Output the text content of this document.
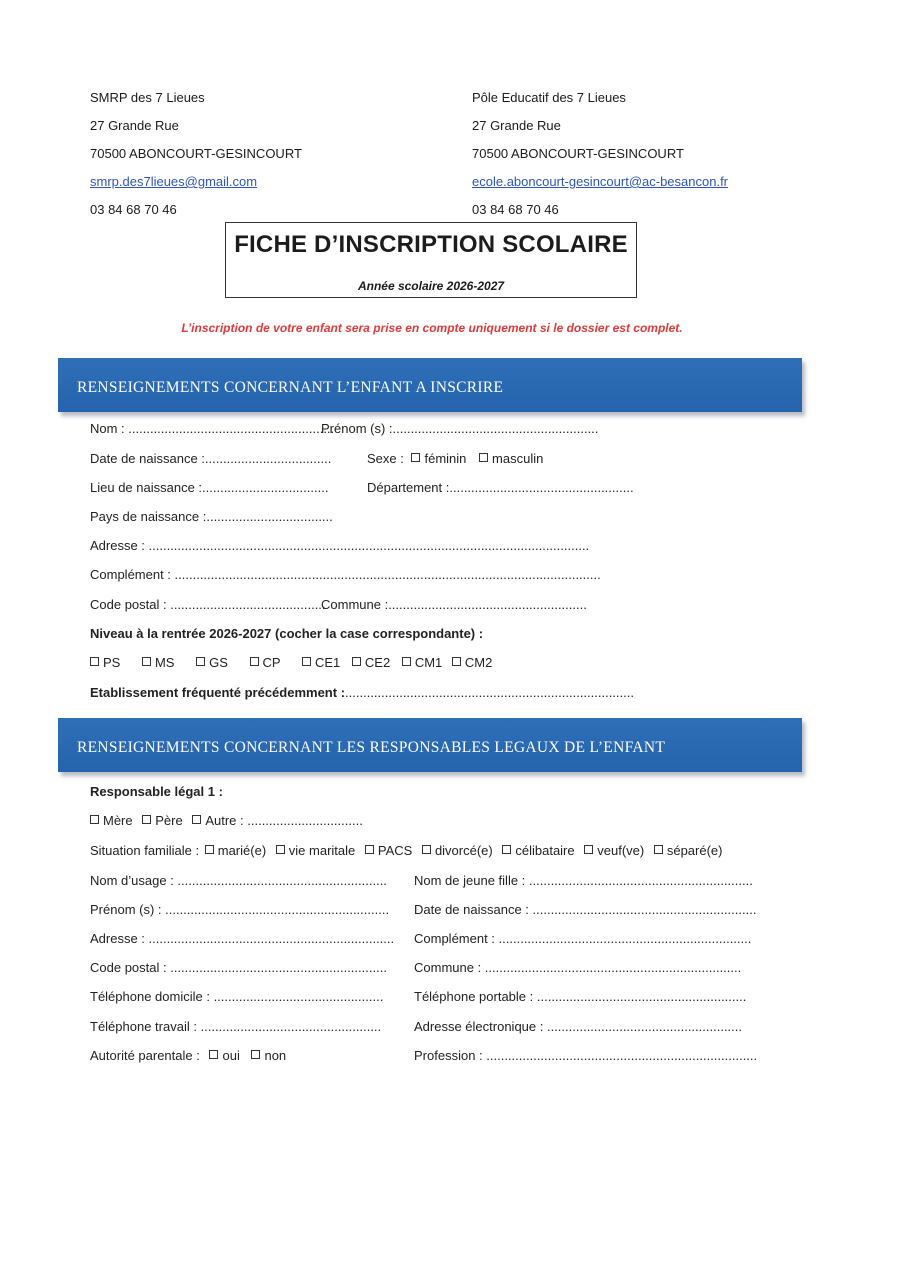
SMRP des 7 Lieues
27 Grande Rue
70500 ABONCOURT-GESINCOURT
smrp.des7lieues@gmail.com
03 84 68 70 46
Pôle Educatif des 7 Lieues
27 Grande Rue
70500 ABONCOURT-GESINCOURT
ecole.aboncourt-gesincourt@ac-besancon.fr
03 84 68 70 46
FICHE D’INSCRIPTION SCOLAIRE
Année scolaire 2026-2027
L’inscription de votre enfant sera prise en compte uniquement si le dossier est complet.
RENSEIGNEMENTS CONCERNANT L’ENFANT A INSCRIRE
Nom : .........................................................
Prénom (s) :.........................................................
Date de naissance :...................................	Sexe : féminin masculin
Lieu de naissance :...................................	Département :...................................................
Pays de naissance :...................................
Adresse : ..........................................................................................................................
Complément : ......................................................................................................................
Code postal : ...........................................
Commune :.......................................................
Niveau à la rentrée 2026-2027 (cocher la case correspondante) :
PS	MS	GS	CP	CE1 CE2 CM1 CM2
Etablissement fréquenté précédemment :................................................................................
RENSEIGNEMENTS CONCERNANT LES RESPONSABLES LEGAUX DE L’ENFANT
Responsable légal 1 :
Mère Père Autre : ................................
Situation familiale : marié(e) vie maritale PACS divorcé(e) célibataire veuf(ve) séparé(e)
Nom d’usage : .......................................................... Nom de jeune fille : ..............................................................
Prénom (s) : .............................................................. Date de naissance : ..............................................................
Adresse : .................................................................... Complément : ......................................................................
Code postal : ............................................................ Commune : .......................................................................
Téléphone domicile : ............................................... Téléphone portable : ..........................................................
Téléphone travail : ..................................................	Adresse électronique : ......................................................
Autorité parentale : oui non	Profession : ...........................................................................
